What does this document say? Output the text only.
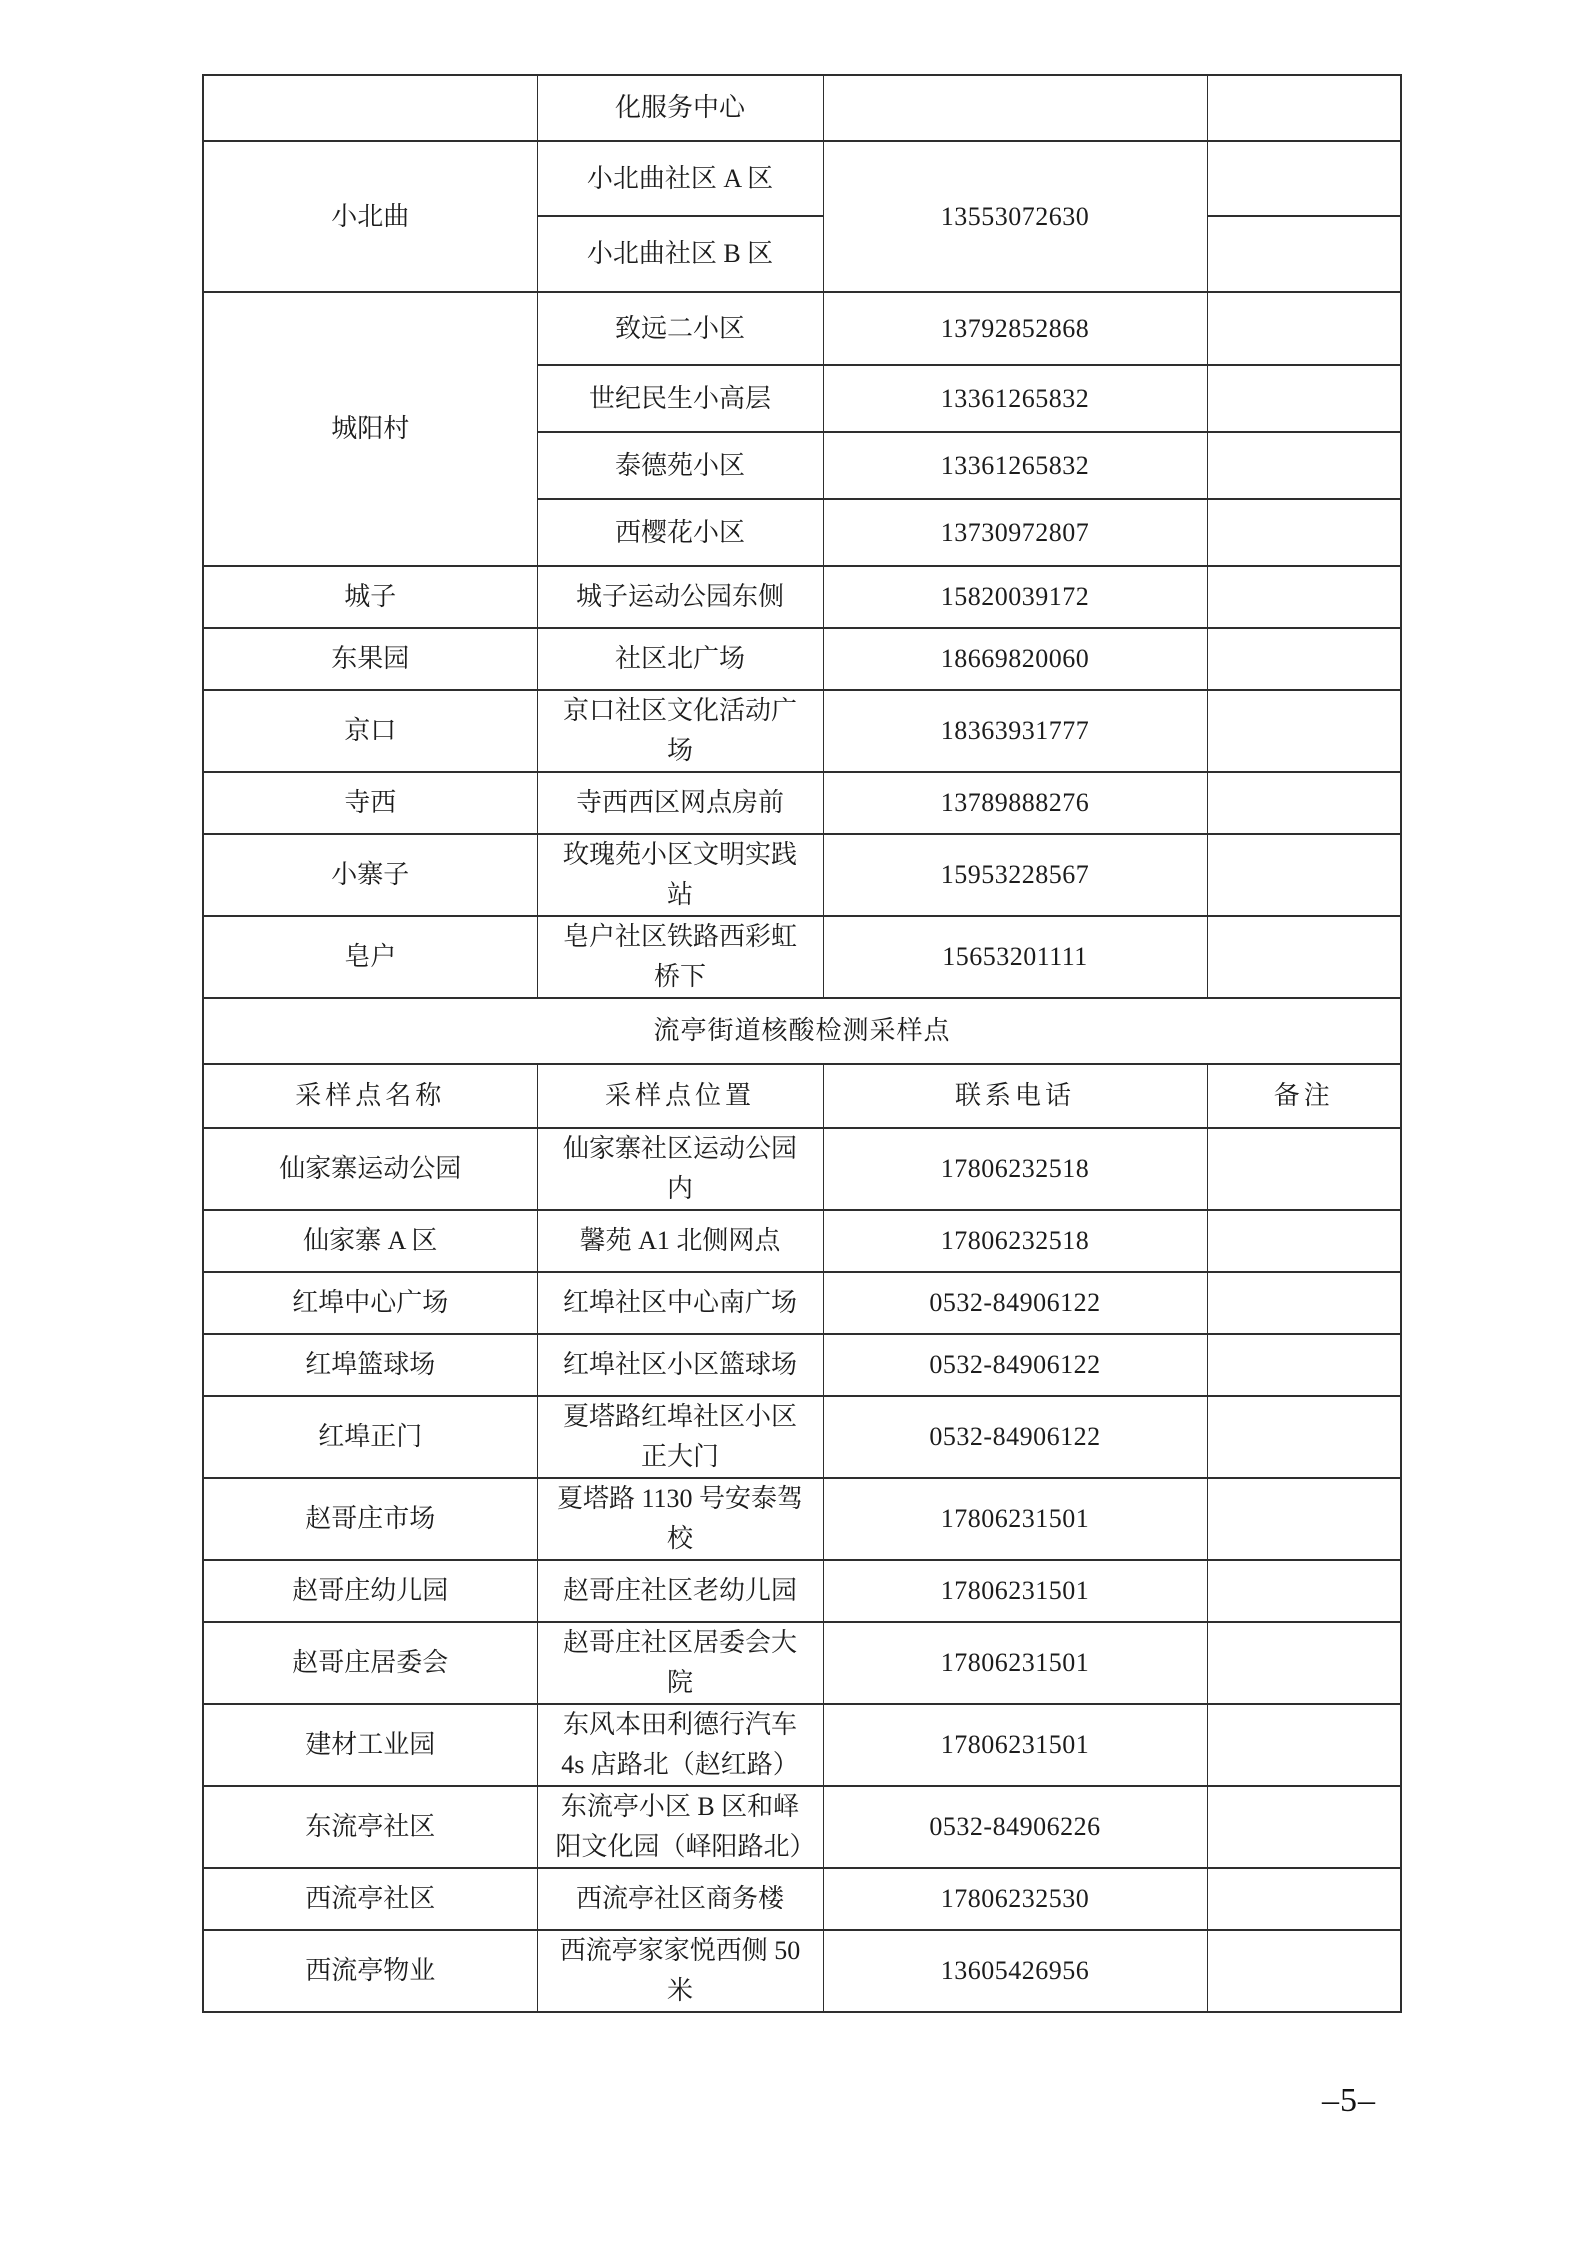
	化服务中心		
小北曲	小北曲社区 A 区	13553072630	
	小北曲社区 B 区		
城阳村	致远二小区	13792852868	
	世纪民生小高层	13361265832	
	泰德苑小区	13361265832	
	西樱花小区	13730972807	
城子	城子运动公园东侧	15820039172	
东果园	社区北广场	18669820060	
京口	京口社区文化活动广场	18363931777	
寺西	寺西西区网点房前	13789888276	
小寨子	玫瑰苑小区文明实践站	15953228567	
皂户	皂户社区铁路西彩虹桥下	15653201111	
流亭街道核酸检测采样点			
采样点名称	采样点位置	联系电话	备注
仙家寨运动公园	仙家寨社区运动公园内	17806232518	
仙家寨 A 区	馨苑 A1 北侧网点	17806232518	
红埠中心广场	红埠社区中心南广场	0532-84906122	
红埠篮球场	红埠社区小区篮球场	0532-84906122	
红埠正门	夏塔路红埠社区小区正大门	0532-84906122	
赵哥庄市场	夏塔路 1130 号安泰驾校	17806231501	
赵哥庄幼儿园	赵哥庄社区老幼儿园	17806231501	
赵哥庄居委会	赵哥庄社区居委会大院	17806231501	
建材工业园	东风本田利德行汽车 4s 店路北（赵红路）	17806231501	
东流亭社区	东流亭小区 B 区和峄阳文化园（峄阳路北）	0532-84906226	
西流亭社区	西流亭社区商务楼	17806232530	
西流亭物业	西流亭家家悦西侧 50 米	13605426956	
–5–
